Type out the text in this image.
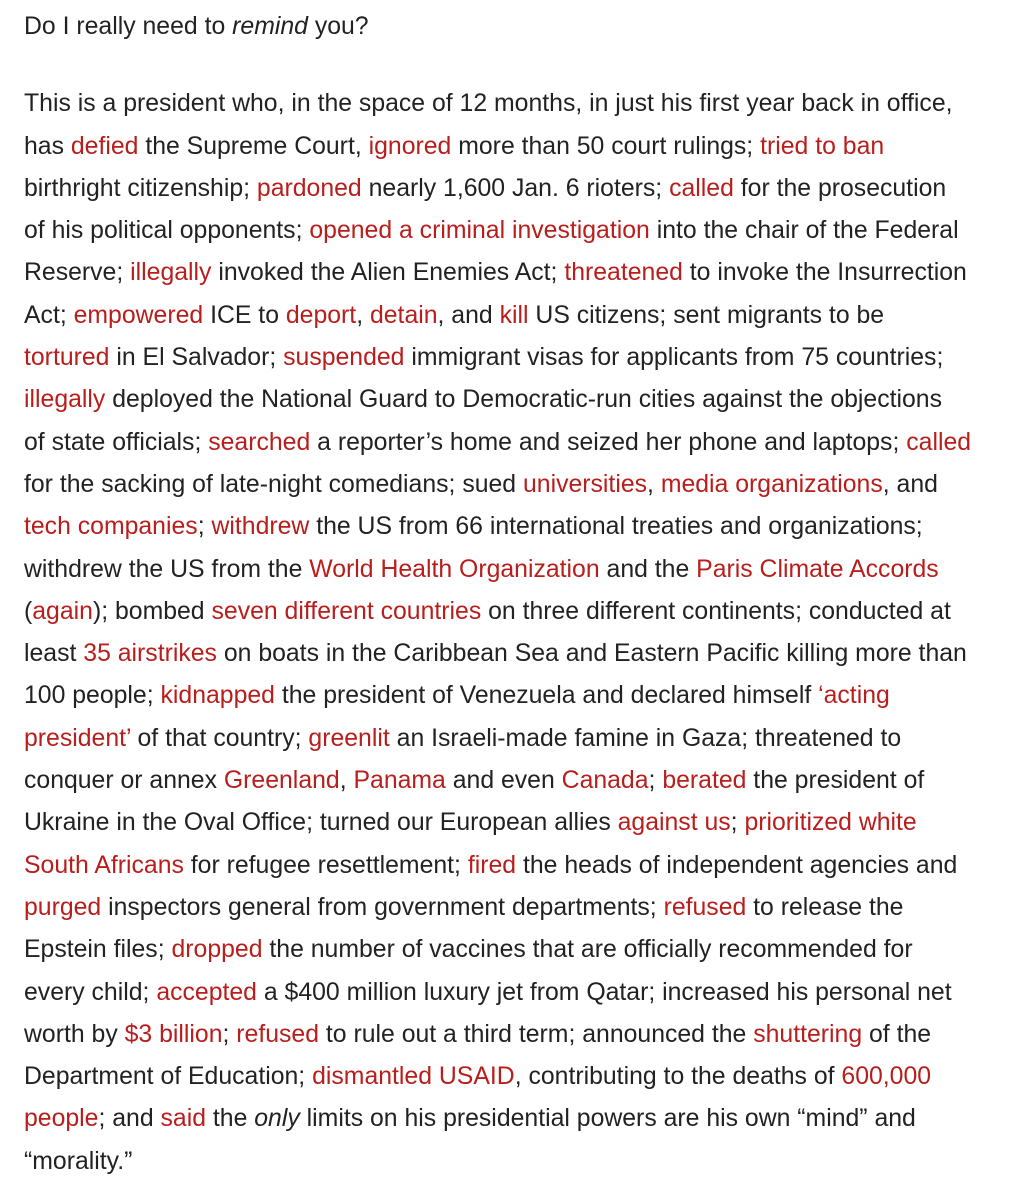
Do I really need to remind you?

This is a president who, in the space of 12 months, in just his first year back in office,
has defied the Supreme Court, ignored more than 50 court rulings; tried to ban
birthright citizenship; pardoned nearly 1,600 Jan. 6 rioters; called for the prosecution
of his political opponents; opened a criminal investigation into the chair of the Federal
Reserve; illegally invoked the Alien Enemies Act; threatened to invoke the Insurrection
Act; empowered ICE to deport, detain, and kill US citizens; sent migrants to be
tortured in El Salvador; suspended immigrant visas for applicants from 75 countries;
illegally deployed the National Guard to Democratic-run cities against the objections
of state officials; searched a reporter’s home and seized her phone and laptops; called
for the sacking of late-night comedians; sued universities, media organizations, and
tech companies; withdrew the US from 66 international treaties and organizations;
withdrew the US from the World Health Organization and the Paris Climate Accords
(again); bombed seven different countries on three different continents; conducted at
least 35 airstrikes on boats in the Caribbean Sea and Eastern Pacific killing more than
100 people; kidnapped the president of Venezuela and declared himself ‘acting
president’ of that country; greenlit an Israeli-made famine in Gaza; threatened to
conquer or annex Greenland, Panama and even Canada; berated the president of
Ukraine in the Oval Office; turned our European allies against us; prioritized white
South Africans for refugee resettlement; fired the heads of independent agencies and
purged inspectors general from government departments; refused to release the
Epstein files; dropped the number of vaccines that are officially recommended for
every child; accepted a $400 million luxury jet from Qatar; increased his personal net
worth by $3 billion; refused to rule out a third term; announced the shuttering of the
Department of Education; dismantled USAID, contributing to the deaths of 600,000
people; and said the only limits on his presidential powers are his own “mind” and
“morality.”
